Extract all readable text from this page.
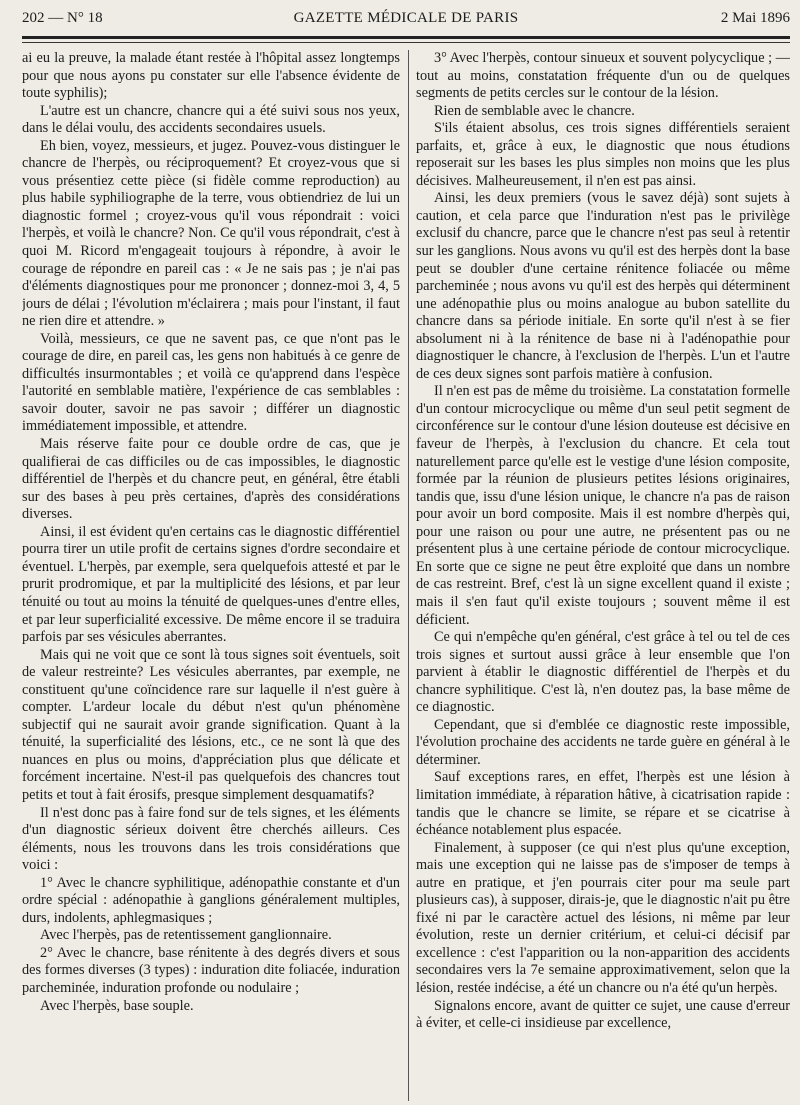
202 — N° 18	GAZETTE MÉDICALE DE PARIS	2 Mai 1896

ai eu la preuve, la malade étant restée à l'hôpital assez longtemps pour que nous ayons pu constater sur elle l'absence évidente de toute syphilis);

L'autre est un chancre, chancre qui a été suivi sous nos yeux, dans le délai voulu, des accidents secondaires usuels.

Eh bien, voyez, messieurs, et jugez. Pouvez-vous distinguer le chancre de l'herpès, ou réciproquement? Et croyez-vous que si vous présentiez cette pièce (si fidèle comme reproduction) au plus habile syphiliographe de la terre, vous obtiendriez de lui un diagnostic formel ; croyez-vous qu'il vous répondrait : voici l'herpès, et voilà le chancre? Non. Ce qu'il vous répondrait, c'est à quoi M. Ricord m'engageait toujours à répondre, à avoir le courage de répondre en pareil cas : « Je ne sais pas ; je n'ai pas d'éléments diagnostiques pour me prononcer ; donnez-moi 3, 4, 5 jours de délai ; l'évolution m'éclairera ; mais pour l'instant, il faut ne rien dire et attendre. »

Voilà, messieurs, ce que ne savent pas, ce que n'ont pas le courage de dire, en pareil cas, les gens non habitués à ce genre de difficultés insurmontables ; et voilà ce qu'apprend dans l'espèce l'autorité en semblable matière, l'expérience de cas semblables : savoir douter, savoir ne pas savoir ; différer un diagnostic immédiatement impossible, et attendre.

Mais réserve faite pour ce double ordre de cas, que je qualifierai de cas difficiles ou de cas impossibles, le diagnostic différentiel de l'herpès et du chancre peut, en général, être établi sur des bases à peu près certaines, d'après des considérations diverses.

Ainsi, il est évident qu'en certains cas le diagnostic différentiel pourra tirer un utile profit de certains signes d'ordre secondaire et éventuel. L'herpès, par exemple, sera quelquefois attesté et par le prurit prodromique, et par la multiplicité des lésions, et par leur ténuité ou tout au moins la ténuité de quelques-unes d'entre elles, et par leur superficialité excessive. De même encore il se traduira parfois par ses vésicules aberrantes.

Mais qui ne voit que ce sont là tous signes soit éventuels, soit de valeur restreinte? Les vésicules aberrantes, par exemple, ne constituent qu'une coïncidence rare sur laquelle il n'est guère à compter. L'ardeur locale du début n'est qu'un phénomène subjectif qui ne saurait avoir grande signification. Quant à la ténuité, la superficialité des lésions, etc., ce ne sont là que des nuances en plus ou moins, d'appréciation plus que délicate et forcément incertaine. N'est-il pas quelquefois des chancres tout petits et tout à fait érosifs, presque simplement desquamatifs?

Il n'est donc pas à faire fond sur de tels signes, et les éléments d'un diagnostic sérieux doivent être cherchés ailleurs. Ces éléments, nous les trouvons dans les trois considérations que voici :

1° Avec le chancre syphilitique, adénopathie constante et d'un ordre spécial : adénopathie à ganglions généralement multiples, durs, indolents, aphlegmasiques ;

Avec l'herpès, pas de retentissement ganglionnaire.

2° Avec le chancre, base rénitente à des degrés divers et sous des formes diverses (3 types) : induration dite foliacée, induration parcheminée, induration profonde ou nodulaire ;

Avec l'herpès, base souple.

3° Avec l'herpès, contour sinueux et souvent polycyclique ; — tout au moins, constatation fréquente d'un ou de quelques segments de petits cercles sur le contour de la lésion.

Rien de semblable avec le chancre.

S'ils étaient absolus, ces trois signes différentiels seraient parfaits, et, grâce à eux, le diagnostic que nous étudions reposerait sur les bases les plus simples non moins que les plus décisives. Malheureusement, il n'en est pas ainsi.

Ainsi, les deux premiers (vous le savez déjà) sont sujets à caution, et cela parce que l'induration n'est pas le privilège exclusif du chancre, parce que le chancre n'est pas seul à retentir sur les ganglions. Nous avons vu qu'il est des herpès dont la base peut se doubler d'une certaine rénitence foliacée ou même parcheminée ; nous avons vu qu'il est des herpès qui déterminent une adénopathie plus ou moins analogue au bubon satellite du chancre dans sa période initiale. En sorte qu'il n'est à se fier absolument ni à la rénitence de base ni à l'adénopathie pour diagnostiquer le chancre, à l'exclusion de l'herpès. L'un et l'autre de ces deux signes sont parfois matière à confusion.

Il n'en est pas de même du troisième. La constatation formelle d'un contour microcyclique ou même d'un seul petit segment de circonférence sur le contour d'une lésion douteuse est décisive en faveur de l'herpès, à l'exclusion du chancre. Et cela tout naturellement parce qu'elle est le vestige d'une lésion composite, formée par la réunion de plusieurs petites lésions originaires, tandis que, issu d'une lésion unique, le chancre n'a pas de raison pour avoir un bord composite. Mais il est nombre d'herpès qui, pour une raison ou pour une autre, ne présentent pas ou ne présentent plus à une certaine période de contour microcyclique. En sorte que ce signe ne peut être exploité que dans un nombre de cas restreint. Bref, c'est là un signe excellent quand il existe ; mais il s'en faut qu'il existe toujours ; souvent même il est déficient.

Ce qui n'empêche qu'en général, c'est grâce à tel ou tel de ces trois signes et surtout aussi grâce à leur ensemble que l'on parvient à établir le diagnostic différentiel de l'herpès et du chancre syphilitique. C'est là, n'en doutez pas, la base même de ce diagnostic.

Cependant, que si d'emblée ce diagnostic reste impossible, l'évolution prochaine des accidents ne tarde guère en général à le déterminer.

Sauf exceptions rares, en effet, l'herpès est une lésion à limitation immédiate, à réparation hâtive, à cicatrisation rapide : tandis que le chancre se limite, se répare et se cicatrise à échéance notablement plus espacée.

Finalement, à supposer (ce qui n'est plus qu'une exception, mais une exception qui ne laisse pas de s'imposer de temps à autre en pratique, et j'en pourrais citer pour ma seule part plusieurs cas), à supposer, dirais-je, que le diagnostic n'ait pu être fixé ni par le caractère actuel des lésions, ni même par leur évolution, reste un dernier critérium, et celui-ci décisif par excellence : c'est l'apparition ou la non-apparition des accidents secondaires vers la 7e semaine approximativement, selon que la lésion, restée indécise, a été un chancre ou n'a été qu'un herpès.

Signalons encore, avant de quitter ce sujet, une cause d'erreur à éviter, et celle-ci insidieuse par excellence,
